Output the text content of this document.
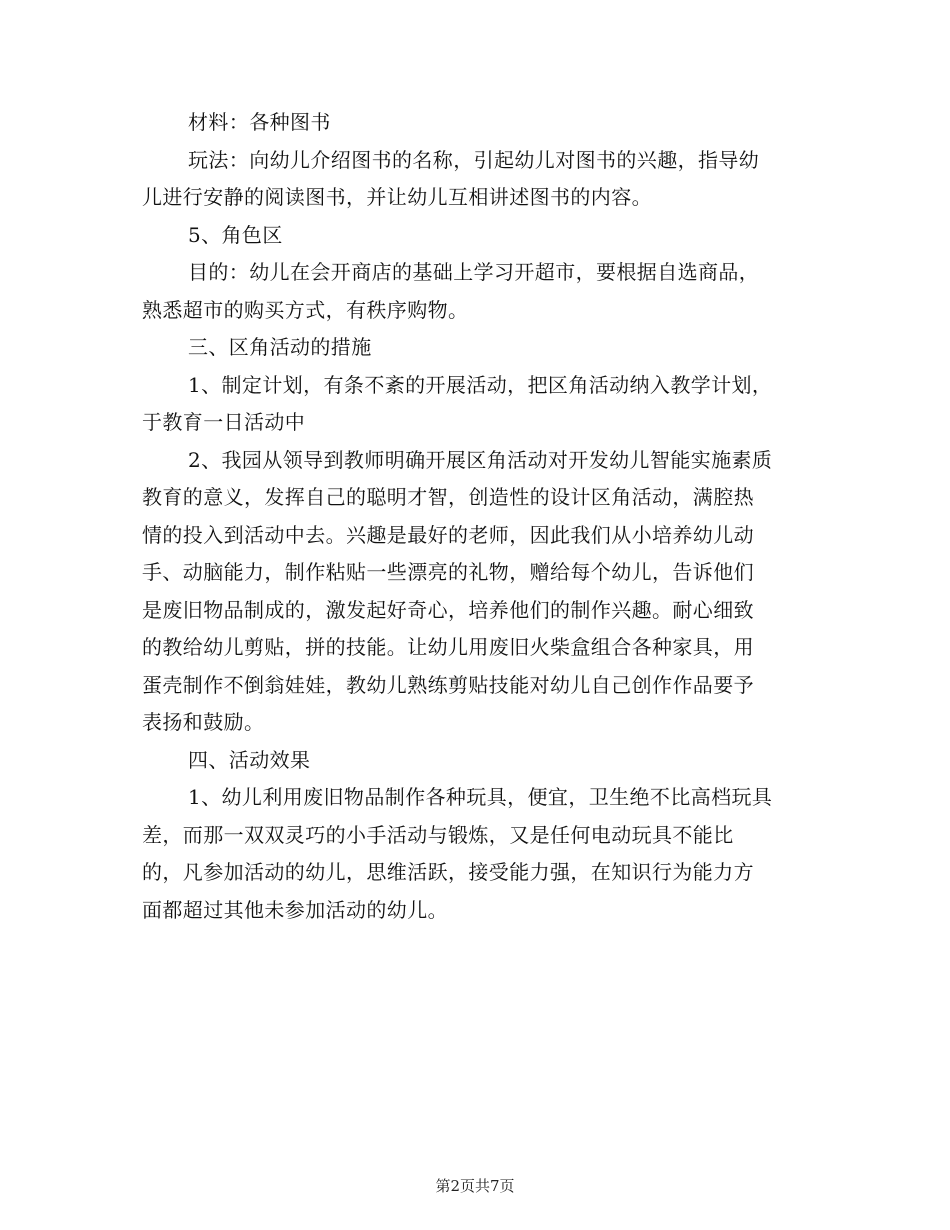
材料：各种图书

玩法：向幼儿介绍图书的名称，引起幼儿对图书的兴趣，指导幼
儿进行安静的阅读图书，并让幼儿互相讲述图书的内容。

5、角色区

目的：幼儿在会开商店的基础上学习开超市，要根据自选商品，
熟悉超市的购买方式，有秩序购物。

三、区角活动的措施

1、制定计划，有条不紊的开展活动，把区角活动纳入教学计划，
于教育一日活动中

2、我园从领导到教师明确开展区角活动对开发幼儿智能实施素质
教育的意义，发挥自己的聪明才智，创造性的设计区角活动，满腔热
情的投入到活动中去。兴趣是最好的老师，因此我们从小培养幼儿动
手、动脑能力，制作粘贴一些漂亮的礼物，赠给每个幼儿，告诉他们
是废旧物品制成的，激发起好奇心，培养他们的制作兴趣。耐心细致
的教给幼儿剪贴，拼的技能。让幼儿用废旧火柴盒组合各种家具，用
蛋壳制作不倒翁娃娃，教幼儿熟练剪贴技能对幼儿自己创作作品要予
表扬和鼓励。

四、活动效果

1、幼儿利用废旧物品制作各种玩具，便宜，卫生绝不比高档玩具
差，而那一双双灵巧的小手活动与锻炼，又是任何电动玩具不能比
的，凡参加活动的幼儿，思维活跃，接受能力强，在知识行为能力方
面都超过其他未参加活动的幼儿。

第2页共7页
